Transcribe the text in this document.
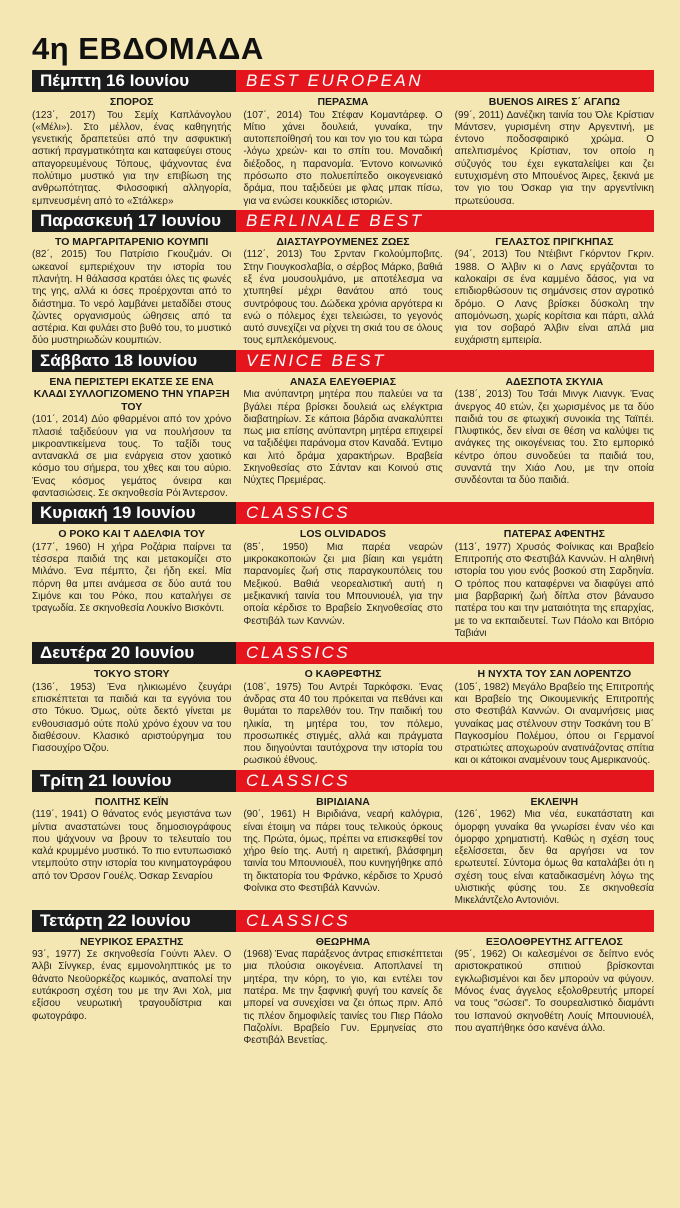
4η ΕΒΔΟΜΑΔΑ
Πέμπτη 16 Ιουνίου	BEST EUROPEAN
ΣΠΟΡΟΣ
(123΄, 2017) Του Σεμίχ Καπλάνογλου («Μέλι»). Στο μέλλον, ένας καθηγητής γενετικής δραπετεύει από την ασφυκτική αστική πραγματικότητα και καταφεύγει στους απαγορευμένους Τόπους, ψάχνοντας ένα πολύτιμο μυστικό για την επιβίωση της ανθρωπότητας. Φιλοσοφική αλληγορία, εμπνευσμένη από το «Στάλκερ»
ΠΕΡΑΣΜΑ
(107΄, 2014) Του Στέφαν Κομαντάρεφ. Ο Μίτιο χάνει δουλειά, γυναίκα, την αυτοπεποίθησή του και τον γιο του και τώρα -λόγω χρεών- και το σπίτι του. Μοναδική διέξοδος, η παρανομία. Έντονο κοινωνικό πρόσωπο στο πολυεπίπεδο οικογενειακό δράμα, που ταξιδεύει με φλας μπακ πίσω, για να ενώσει κουκκίδες ιστοριών.
BUENOS AIRES Σ΄ ΑΓΑΠΩ
(99΄, 2011) Δανέζικη ταινία του Όλε Κρίστιαν Μάντσεν, γυρισμένη στην Αργεντινή, με έντονο ποδοσφαιρικό χρώμα. Ο απελπισμένος Κρίστιαν, τον οποίο η σύζυγός του έχει εγκαταλείψει και ζει ευτυχισμένη στο Μπουένος Άιρες, ξεκινά με τον γιο του Όσκαρ για την αργεντίνικη πρωτεύουσα.
Παρασκευή 17 Ιουνίου	BERLINALE BEST
ΤΟ ΜΑΡΓΑΡΙΤΑΡΕΝΙΟ ΚΟΥΜΠΙ
(82΄, 2015) Του Πατρίσιο Γκουζμάν. Οι ωκεανοί εμπεριέχουν την ιστορία του πλανήτη. Η θάλασσα κρατάει όλες τις φωνές της γης, αλλά κι όσες προέρχονται από το διάστημα. Το νερό λαμβάνει μεταδίδει στους ζώντες οργανισμούς ώθησεις από τα αστέρια. Και φυλάει στο βυθό του, το μυστικό δύο μυστηριωδών κουμπιών.
ΔΙΑΣΤΑΥΡΟΥΜΕΝΕΣ ΖΩΕΣ
(112΄, 2013) Του Σρνταν Γκολούμποβιτς. Στην Γιουγκοσλαβία, ο σέρβος Μάρκο, βαθιά εξ ένα μουσουλμάνο, με αποτέλεσμα να χτυπηθεί μέχρι θανάτου από τους συντρόφους του. Δώδεκα χρόνια αργότερα κι ενώ ο πόλεμος έχει τελειώσει, το γεγονός αυτό συνεχίζει να ρίχνει τη σκιά του σε όλους τους εμπλεκόμενους.
ΓΕΛΑΣΤΟΣ ΠΡΙΓΚΗΠΑΣ
(94΄, 2013) Του Ντέιβιντ Γκόρντον Γκριν. 1988. Ο Άλβιν κι ο Λανς εργάζονται το καλοκαίρι σε ένα καμμένο δάσος, για να επιδιορθώσουν τις σημάνσεις στον αγροτικό δρόμο. Ο Λανς βρίσκει δύσκολη την απομόνωση, χωρίς κορίτσια και πάρτι, αλλά για τον σοβαρό Άλβιν είναι απλά μια ευχάριστη εμπειρία.
Σάββατο 18 Ιουνίου	VENICE BEST
ΕΝΑ ΠΕΡΙΣΤΕΡΙ ΕΚΑΤΣΕ ΣΕ ΕΝΑ ΚΛΑΔΙ ΣΥΛΛΟΓΙΖΟΜΕΝΟ ΤΗΝ ΥΠΑΡΞΗ ΤΟΥ
(101΄, 2014) Δύο φθαρμένοι από τον χρόνο πλασιέ ταξιδεύουν για να πουλήσουν τα μικροαντικείμενα τους. Το ταξίδι τους αντανακλά σε μια ενάργεια στον χαοτικό κόσμο του σήμερα, του χθες και του αύριο. Ένας κόσμος γεμάτος όνειρα και φαντασιώσεις. Σε σκηνοθεσία Ρόι Άντερσον.
ΑΝΑΣΑ ΕΛΕΥΘΕΡΙΑΣ
Μια ανύπαντρη μητέρα που παλεύει να τα βγάλει πέρα βρίσκει δουλειά ως ελέγκτρια διαβατηρίων. Σε κάποια βάρδια ανακαλύπτει πως μια επίσης ανύπαντρη μητέρα επιχειρεί να ταξιδέψει παράνομα στον Καναδά. Έντιμο και λιτό δράμα χαρακτήρων. Βραβεία Σκηνοθεσίας στο Σάνταν και Κοινού στις Νύχτες Πρεμιέρας.
ΑΔΕΣΠΟΤΑ ΣΚΥΛΙΑ
(138΄, 2013) Του Τσάι Μινγκ Λιανγκ. Ένας άνεργος 40 ετών, ζει χωρισμένος με τα δύο παιδιά του σε φτωχική συνοικία της Ταϊπέι. Πλυφτικός, δεν είναι σε θέση να καλύψει τις ανάγκες της οικογένειας του. Στο εμπορικό κέντρο όπου συνοδεύει τα παιδιά του, συναντά την Χιάο Λου, με την οποία συνδέονται τα δύο παιδιά.
Κυριακή 19 Ιουνίου	CLASSICS
Ο ΡΟΚΟ ΚΑΙ Τ ΑΔΕΛΦΙΑ ΤΟΥ
(177΄, 1960) Η χήρα Ροζάρια παίρνει τα τέσσερα παιδιά της και μετακομίζει στο Μιλάνο. Ένα πέμπτο, ζει ήδη εκεί. Μία πόρνη θα μπει ανάμεσα σε δύο αυτά του Σιμόνε και του Ρόκο, που καταλήγει σε τραγωδία. Σε σκηνοθεσία Λουκίνο Βισκόντι.
LOS OLVIDADOS
(85΄, 1950) Μια παρέα νεαρών μικροκακοποιών ζει μια βίαιη και γεμάτη παρανομίες ζωή στις παραγκουπόλεις του Μεξικού. Βαθιά νεορεαλιστική αυτή η μεξικανική ταινία του Μπουνιουέλ, για την οποία κέρδισε το Βραβείο Σκηνοθεσίας στο Φεστιβάλ των Καννών.
ΠΑΤΕΡΑΣ ΑΦΕΝΤΗΣ
(113΄, 1977) Χρυσός Φοίνικας και Βραβείο Επιτροπής στο Φεστιβάλ Καννών. Η αληθινή ιστορία του γιου ενός βοσκού στη Σαρδηνία. Ο τρόπος που καταφέρνει να διαφύγει από μια βαρβαρική ζωή δίπλα στον βάναυσο πατέρα του και την ματαιότητα της επαρχίας, με το να εκπαιδευτεί. Των Πάολο και Βιτόριο Ταβιάνι
Δευτέρα 20 Ιουνίου	CLASSICS
TOKYO STORY
(136΄, 1953) Ένα ηλικιωμένο ζευγάρι επισκέπτεται τα παιδιά και τα εγγόνια του στο Τόκυο. Όμως, ούτε δεκτό γίνεται με ενθουσιασμό ούτε πολύ χρόνο έχουν να του διαθέσουν. Κλασικό αριστούργημα του Γιασουχίρο Όζου.
Ο ΚΑΘΡΕΦΤΗΣ
(108΄, 1975) Του Αντρέι Ταρκόφσκι. Ένας άνδρας στα 40 του πρόκειται να πεθάνει και θυμάται το παρελθόν του. Την παιδική του ηλικία, τη μητέρα του, τον πόλεμο, προσωπικές στιγμές, αλλά και πράγματα που διηγούνται ταυτόχρονα την ιστορία του ρωσικού έθνους.
Η ΝΥΧΤΑ ΤΟΥ ΣΑΝ ΛΟΡΕΝΤΖΟ
(105΄, 1982) Μεγάλο Βραβείο της Επιτροπής και Βραβείο της Οικουμενικής Επιτροπής στο Φεστιβάλ Καννών. Οι αναμνήσεις μιας γυναίκας μας στέλνουν στην Τοσκάνη του Β΄ Παγκοσμίου Πολέμου, όπου οι Γερμανοί στρατιώτες αποχωρούν ανατινάζοντας σπίτια και οι κάτοικοι αναμένουν τους Αμερικανούς.
Τρίτη 21 Ιουνίου	CLASSICS
ΠΟΛΙΤΗΣ ΚΕΪΝ
(119΄, 1941) Ο θάνατος ενός μεγιστάνα των μίντια αναστατώνει τους δημοσιογράφους που ψάχνουν να βρουν το τελευταίο του καλά κρυμμένο μυστικό. Το πιο εντυπωσιακό ντεμπούτο στην ιστορία του κινηματογράφου από τον Όρσον Γουέλς. Όσκαρ Σεναρίου
ΒΙΡΙΔΙΑΝΑ
(90΄, 1961) Η Βιριδιάνα, νεαρή καλόγρια, είναι έτοιμη να πάρει τους τελικούς όρκους της. Πρώτα, όμως, πρέπει να επισκεφθεί τον χήρο θείο της. Αυτή η αιρετική, βλάσφημη ταινία του Μπουνιουέλ, που κυνηγήθηκε από τη δικτατορία του Φράνκο, κέρδισε το Χρυσό Φοίνικα στο Φεστιβάλ Καννών.
ΕΚΛΕΙΨΗ
(126΄, 1962) Μια νέα, ευκατάστατη και όμορφη γυναίκα θα γνωρίσει έναν νέο και όμορφο χρηματιστή. Καθώς η σχέση τους εξελίσσεται, δεν θα αργήσει να τον ερωτευτεί. Σύντομα όμως θα καταλάβει ότι η σχέση τους είναι καταδικασμένη λόγω της υλιστικής φύσης του. Σε σκηνοθεσία Μικελάντζελο Αντονιόνι.
Τετάρτη 22 Ιουνίου	CLASSICS
ΝΕΥΡΙΚΟΣ ΕΡΑΣΤΗΣ
93΄, 1977) Σε σκηνοθεσία Γούντι Άλεν. Ο Άλβι Σίνγκερ, ένας εμμονοληπτικός με το θάνατο Νεοϋορκέζος κωμικός, αναπολεί την ευτάκροση σχέση του με την Άνι Χολ, μια εξίσου νευρωτική τραγουδίστρια και φωτογράφο.
ΘΕΩΡΗΜΑ
(1968) Ένας παράξενος άντρας επισκέπτεται μια πλούσια οικογένεια. Αποπλανεί τη μητέρα, την κόρη, το γιο, και εντέλει τον πατέρα. Με την ξαφνική φυγή του κανείς δε μπορεί να συνεχίσει να ζει όπως πριν. Από τις πλέον δημοφιλείς ταινίες του Πιερ Πάολο Παζολίνι. Βραβείο Γυν. Ερμηνείας στο Φεστιβάλ Βενετίας.
ΕΞΟΛΟΘΡΕΥΤΗΣ ΑΓΓΕΛΟΣ
(95΄, 1962) Οι καλεσμένοι σε δείπνο ενός αριστοκρατικού σπιτιού βρίσκονται εγκλωβισμένοι και δεν μπορούν να φύγουν. Μόνος ένας άγγελος εξολοθρευτής μπορεί να τους "σώσει". Το σουρεαλιστικό διαμάντι του Ισπανού σκηνοθέτη Λουίς Μπουνιουέλ, που αγαπήθηκε όσο κανένα άλλο.
